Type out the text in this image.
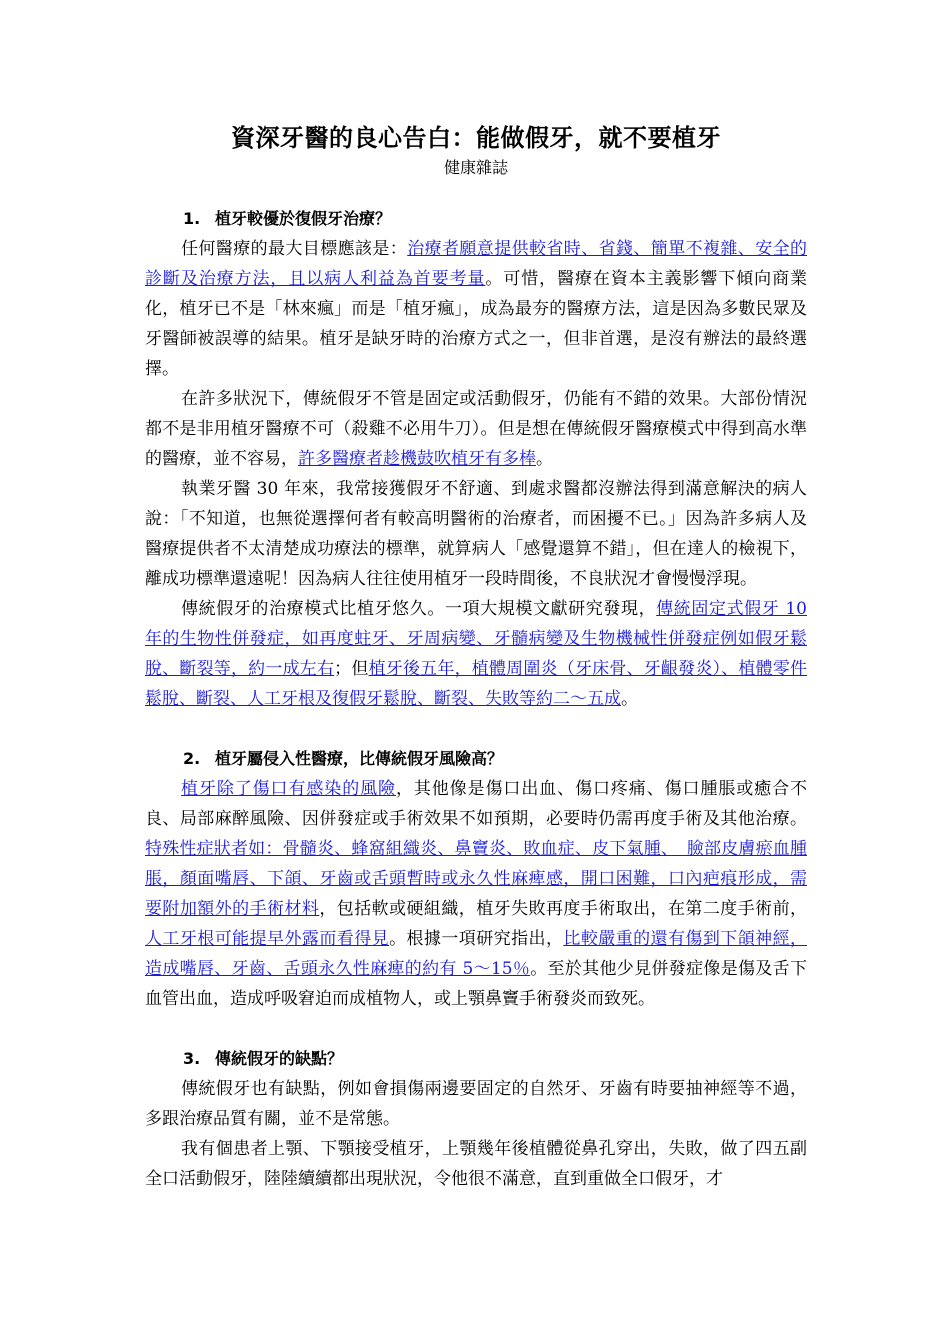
資深牙醫的良心告白：能做假牙，就不要植牙

健康雜誌

1. 植牙較優於復假牙治療？

任何醫療的最大目標應該是：治療者願意提供較省時、省錢、簡單不複雜、安全的診斷及治療方法，且以病人利益為首要考量。可惜，醫療在資本主義影響下傾向商業化，植牙已不是「林來瘋」而是「植牙瘋」，成為最夯的醫療方法，這是因為多數民眾及牙醫師被誤導的結果。植牙是缺牙時的治療方式之一，但非首選，是沒有辦法的最終選擇。

在許多狀況下，傳統假牙不管是固定或活動假牙，仍能有不錯的效果。大部份情況都不是非用植牙醫療不可（殺雞不必用牛刀）。但是想在傳統假牙醫療模式中得到高水準的醫療，並不容易，許多醫療者趁機鼓吹植牙有多棒。

執業牙醫 30 年來，我常接獲假牙不舒適、到處求醫都沒辦法得到滿意解決的病人說：「不知道，也無從選擇何者有較高明醫術的治療者，而困擾不已。」因為許多病人及醫療提供者不太清楚成功療法的標準，就算病人「感覺還算不錯」，但在達人的檢視下，離成功標準還遠呢！因為病人往往使用植牙一段時間後，不良狀況才會慢慢浮現。

傳統假牙的治療模式比植牙悠久。一項大規模文獻研究發現，傳統固定式假牙 10 年的生物性併發症，如再度蛀牙、牙周病變、牙髓病變及生物機械性併發症例如假牙鬆脫、斷裂等，約一成左右；但植牙後五年，植體周圍炎（牙床骨、牙齦發炎）、植體零件鬆脫、斷裂、人工牙根及復假牙鬆脫、斷裂、失敗等約二～五成。

2. 植牙屬侵入性醫療，比傳統假牙風險高？

植牙除了傷口有感染的風險，其他像是傷口出血、傷口疼痛、傷口腫脹或癒合不良、局部麻醉風險、因併發症或手術效果不如預期，必要時仍需再度手術及其他治療。特殊性症狀者如：骨髓炎、蜂窩組織炎、鼻竇炎、敗血症、皮下氣腫、　臉部皮膚瘀血腫脹，顏面嘴唇、下頜、牙齒或舌頭暫時或永久性麻痺感，開口困難，口內疤痕形成，需要附加額外的手術材料，包括軟或硬組織，植牙失敗再度手術取出，在第二度手術前，人工牙根可能提早外露而看得見。根據一項研究指出，比較嚴重的還有傷到下頜神經，造成嘴唇、牙齒、舌頭永久性麻痺的約有 5～15％。至於其他少見併發症像是傷及舌下血管出血，造成呼吸窘迫而成植物人，或上顎鼻竇手術發炎而致死。

3. 傳統假牙的缺點？

傳統假牙也有缺點，例如會損傷兩邊要固定的自然牙、牙齒有時要抽神經等不過，多跟治療品質有關，並不是常態。

我有個患者上顎、下顎接受植牙，上顎幾年後植體從鼻孔穿出，失敗，做了四五副全口活動假牙，陸陸續續都出現狀況，令他很不滿意，直到重做全口假牙，才
